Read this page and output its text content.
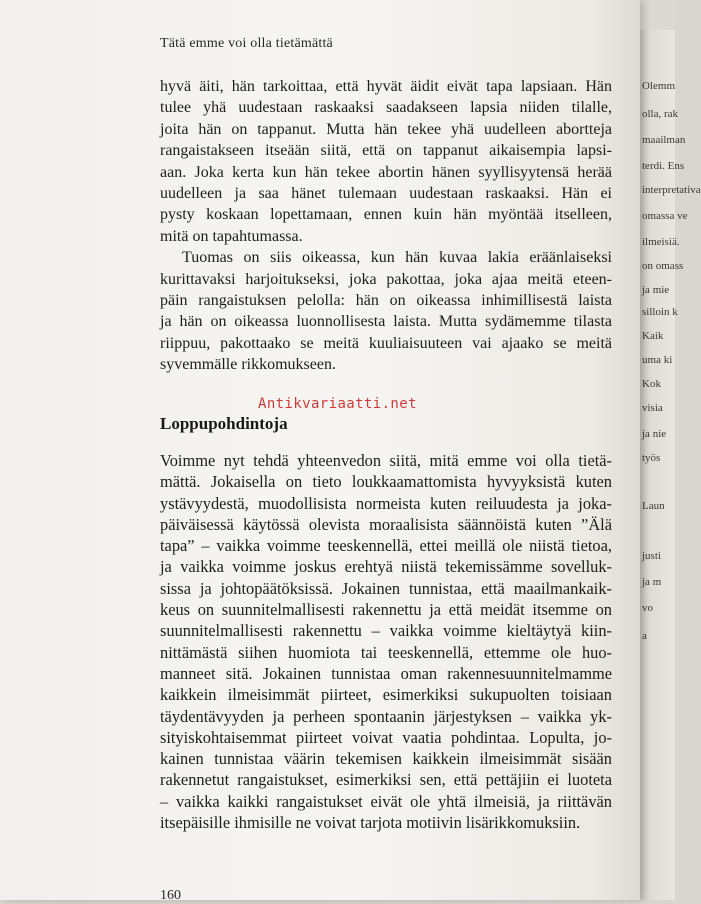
Olemm
olla, rak
maailman
terdi. Ens
interpretativa
omassa ve
ilmeisiä.
on omass
ja mie
silloin k
Kaik
uma ki
Kok
visia
ja nie
työs
Laun
justi
ja m
vo
a
Tätä emme voi olla tietämättä

hyvä äiti, hän tarkoittaa, että hyvät äidit eivät tapa lapsiaan. Hän
tulee yhä uudestaan raskaaksi saadakseen lapsia niiden tilalle,
joita hän on tappanut. Mutta hän tekee yhä uudelleen abortteja
rangaistakseen itseään siitä, että on tappanut aikaisempia lapsi-
aan. Joka kerta kun hän tekee abortin hänen syyllisyytensä herää
uudelleen ja saa hänet tulemaan uudestaan raskaaksi. Hän ei
pysty koskaan lopettamaan, ennen kuin hän myöntää itselleen,
mitä on tapahtumassa.

Tuomas on siis oikeassa, kun hän kuvaa lakia eräänlaiseksi
kurittavaksi harjoitukseksi, joka pakottaa, joka ajaa meitä eteen-
päin rangaistuksen pelolla: hän on oikeassa inhimillisestä laista
ja hän on oikeassa luonnollisesta laista. Mutta sydämemme tilasta
riippuu, pakottaako se meitä kuuliaisuuteen vai ajaako se meitä
syvemmälle rikkomukseen.

Antikvariaatti.net
Loppupohdintoja

Voimme nyt tehdä yhteenvedon siitä, mitä emme voi olla tietä-
mättä. Jokaisella on tieto loukkaamattomista hyvyyksistä kuten
ystävyydestä, muodollisista normeista kuten reiluudesta ja joka-
päiväisessä käytössä olevista moraalisista säännöistä kuten ”Älä
tapa” – vaikka voimme teeskennellä, ettei meillä ole niistä tietoa,
ja vaikka voimme joskus erehtyä niistä tekemissämme sovelluk-
sissa ja johtopäätöksissä. Jokainen tunnistaa, että maailmankaik-
keus on suunnitelmallisesti rakennettu ja että meidät itsemme on
suunnitelmallisesti rakennettu – vaikka voimme kieltäytyä kiin-
nittämästä siihen huomiota tai teeskennellä, ettemme ole huo-
manneet sitä. Jokainen tunnistaa oman rakennesuunnitelmamme
kaikkein ilmeisimmät piirteet, esimerkiksi sukupuolten toisiaan
täydentävyyden ja perheen spontaanin järjestyksen – vaikka yk-
sityiskohtaisemmat piirteet voivat vaatia pohdintaa. Lopulta, jo-
kainen tunnistaa väärin tekemisen kaikkein ilmeisimmät sisään
rakennetut rangaistukset, esimerkiksi sen, että pettäjiin ei luoteta
– vaikka kaikki rangaistukset eivät ole yhtä ilmeisiä, ja riittävän
itsepäisille ihmisille ne voivat tarjota motiivin lisärikkomuksiin.

160
